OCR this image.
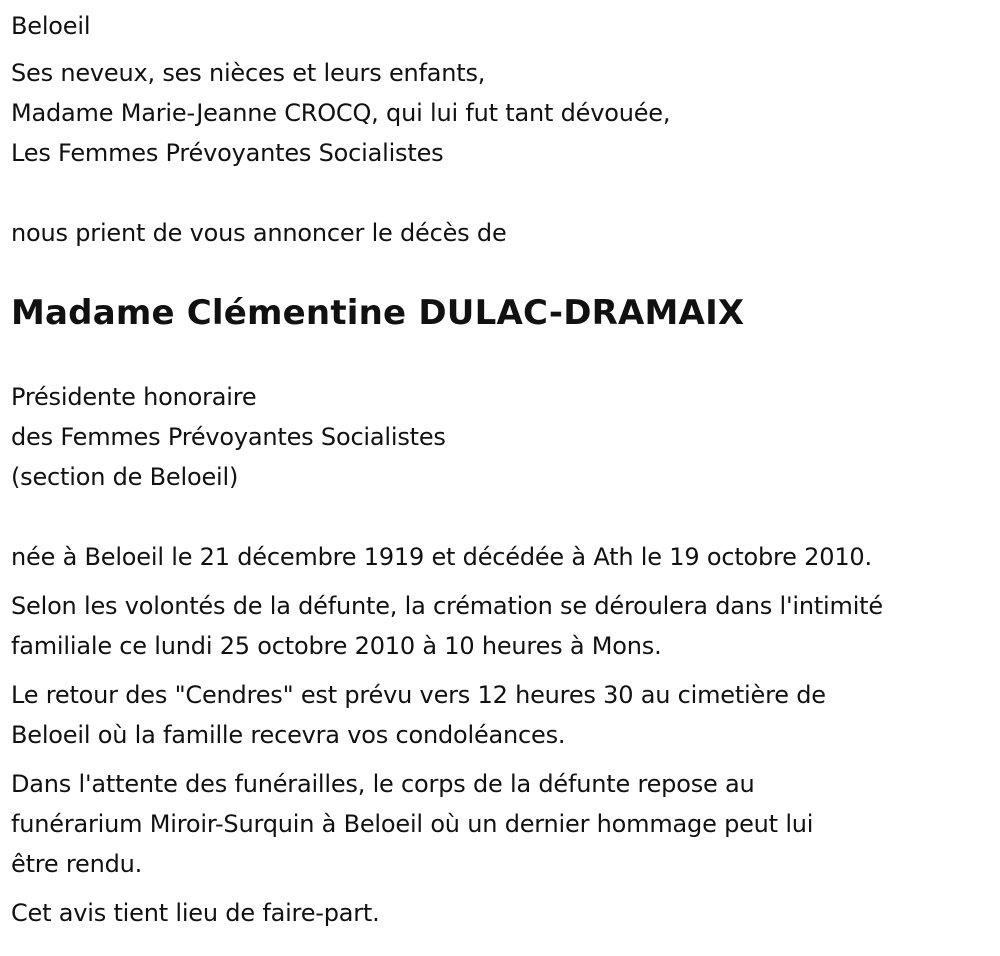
Beloeil
Ses neveux, ses nièces et leurs enfants,
Madame Marie-Jeanne CROCQ, qui lui fut tant dévouée,
Les Femmes Prévoyantes Socialistes
nous prient de vous annoncer le décès de
Madame Clémentine DULAC-DRAMAIX
Présidente honoraire
des Femmes Prévoyantes Socialistes
(section de Beloeil)
née à Beloeil le 21 décembre 1919 et décédée à Ath le 19 octobre 2010.
Selon les volontés de la défunte, la crémation se déroulera dans l'intimité
familiale ce lundi 25 octobre 2010 à 10 heures à Mons.
Le retour des "Cendres" est prévu vers 12 heures 30 au cimetière de
Beloeil où la famille recevra vos condoléances.
Dans l'attente des funérailles, le corps de la défunte repose au
funérarium Miroir-Surquin à Beloeil où un dernier hommage peut lui
être rendu.
Cet avis tient lieu de faire-part.
